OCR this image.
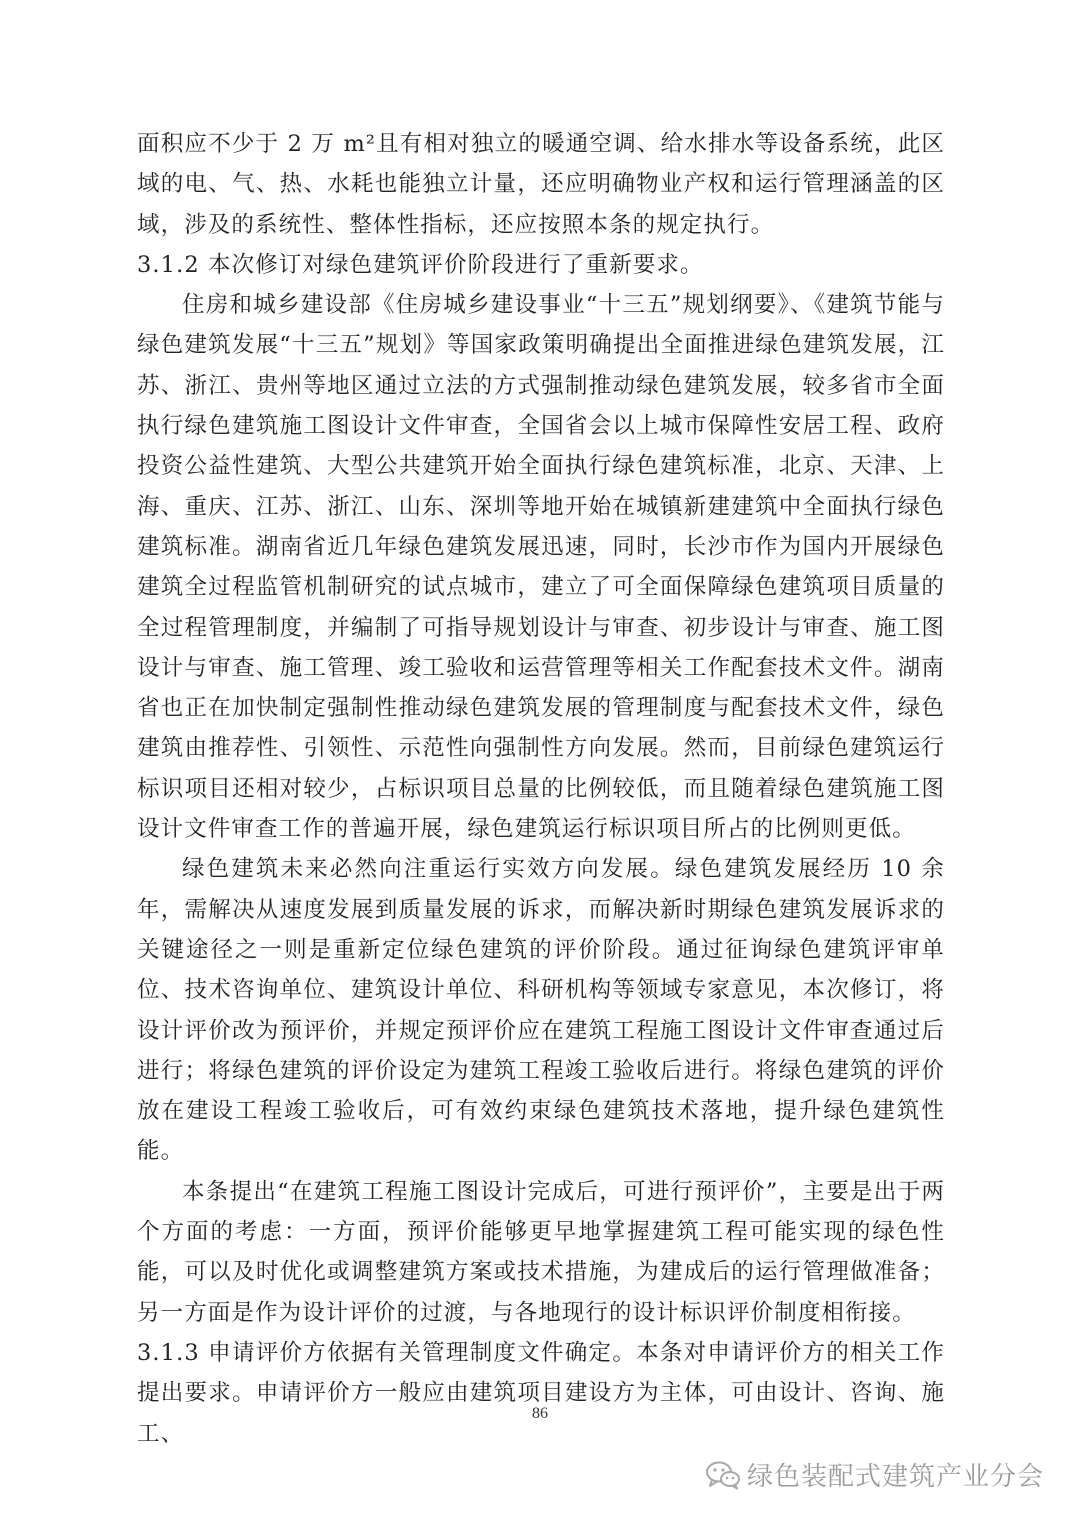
面积应不少于 2 万 m²且有相对独立的暖通空调、给水排水等设备系统，此区域的电、气、热、水耗也能独立计量，还应明确物业产权和运行管理涵盖的区域，涉及的系统性、整体性指标，还应按照本条的规定执行。

3.1.2 本次修订对绿色建筑评价阶段进行了重新要求。

住房和城乡建设部《住房城乡建设事业“十三五”规划纲要》、《建筑节能与绿色建筑发展“十三五”规划》等国家政策明确提出全面推进绿色建筑发展，江苏、浙江、贵州等地区通过立法的方式强制推动绿色建筑发展，较多省市全面执行绿色建筑施工图设计文件审查，全国省会以上城市保障性安居工程、政府投资公益性建筑、大型公共建筑开始全面执行绿色建筑标准，北京、天津、上海、重庆、江苏、浙江、山东、深圳等地开始在城镇新建建筑中全面执行绿色建筑标准。湖南省近几年绿色建筑发展迅速，同时，长沙市作为国内开展绿色建筑全过程监管机制研究的试点城市，建立了可全面保障绿色建筑项目质量的全过程管理制度，并编制了可指导规划设计与审查、初步设计与审查、施工图设计与审查、施工管理、竣工验收和运营管理等相关工作配套技术文件。湖南省也正在加快制定强制性推动绿色建筑发展的管理制度与配套技术文件，绿色建筑由推荐性、引领性、示范性向强制性方向发展。然而，目前绿色建筑运行标识项目还相对较少，占标识项目总量的比例较低，而且随着绿色建筑施工图设计文件审查工作的普遍开展，绿色建筑运行标识项目所占的比例则更低。

绿色建筑未来必然向注重运行实效方向发展。绿色建筑发展经历 10 余年，需解决从速度发展到质量发展的诉求，而解决新时期绿色建筑发展诉求的关键途径之一则是重新定位绿色建筑的评价阶段。通过征询绿色建筑评审单位、技术咨询单位、建筑设计单位、科研机构等领域专家意见，本次修订，将设计评价改为预评价，并规定预评价应在建筑工程施工图设计文件审查通过后进行；将绿色建筑的评价设定为建筑工程竣工验收后进行。将绿色建筑的评价放在建设工程竣工验收后，可有效约束绿色建筑技术落地，提升绿色建筑性能。

本条提出“在建筑工程施工图设计完成后，可进行预评价”，主要是出于两个方面的考虑：一方面，预评价能够更早地掌握建筑工程可能实现的绿色性能，可以及时优化或调整建筑方案或技术措施，为建成后的运行管理做准备；另一方面是作为设计评价的过渡，与各地现行的设计标识评价制度相衔接。

3.1.3 申请评价方依据有关管理制度文件确定。本条对申请评价方的相关工作提出要求。申请评价方一般应由建筑项目建设方为主体，可由设计、咨询、施工、

86
绿色装配式建筑产业分会
